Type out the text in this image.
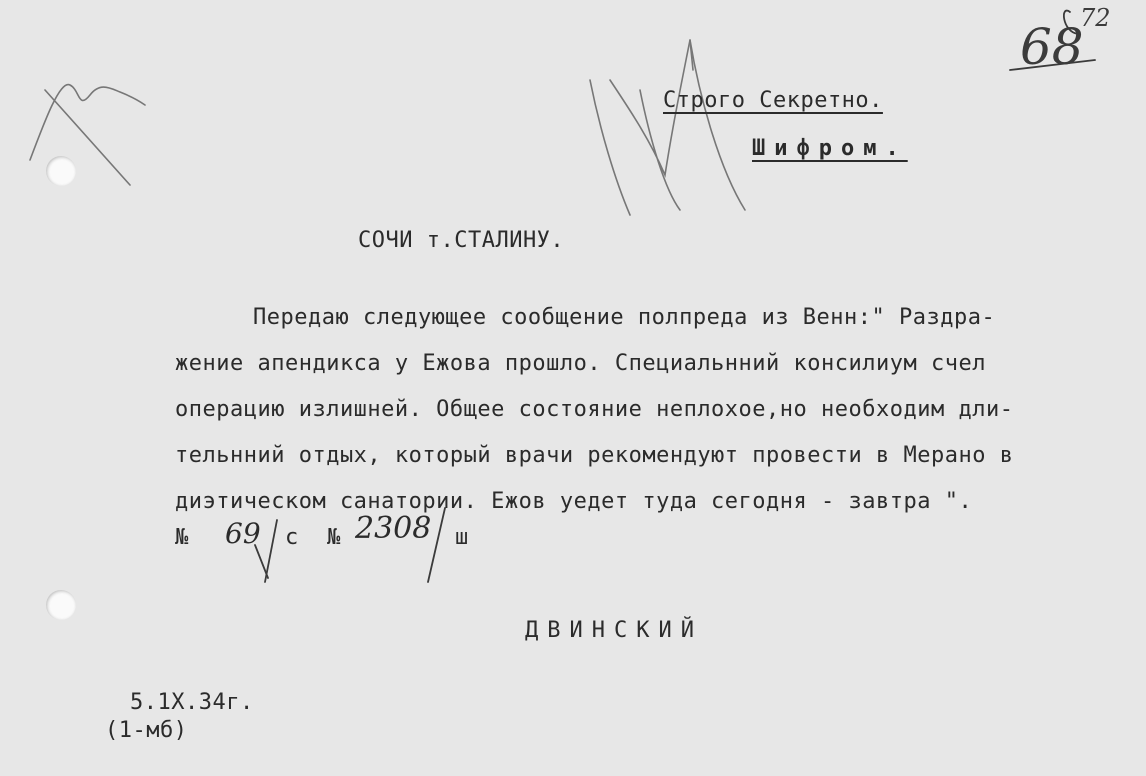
68
72
Строго Секретно.
Шифром.
СОЧИ т.СТАЛИНУ.
Передаю следующее сообщение полпреда из Венн:" Раздра-
жение апендикса у Ежова прошло. Специальнний консилиум счел
операцию излишней. Общее состояние неплохое,но необходим дли-
тельнний отдых, который врачи рекомендуют провести в Мерано в
диэтическом санатории. Ежов уедет туда сегодня - завтра ".
№ 69 с № 2308 ш
ДВИНСКИЙ
5.1X.34г.
(1-мб)
